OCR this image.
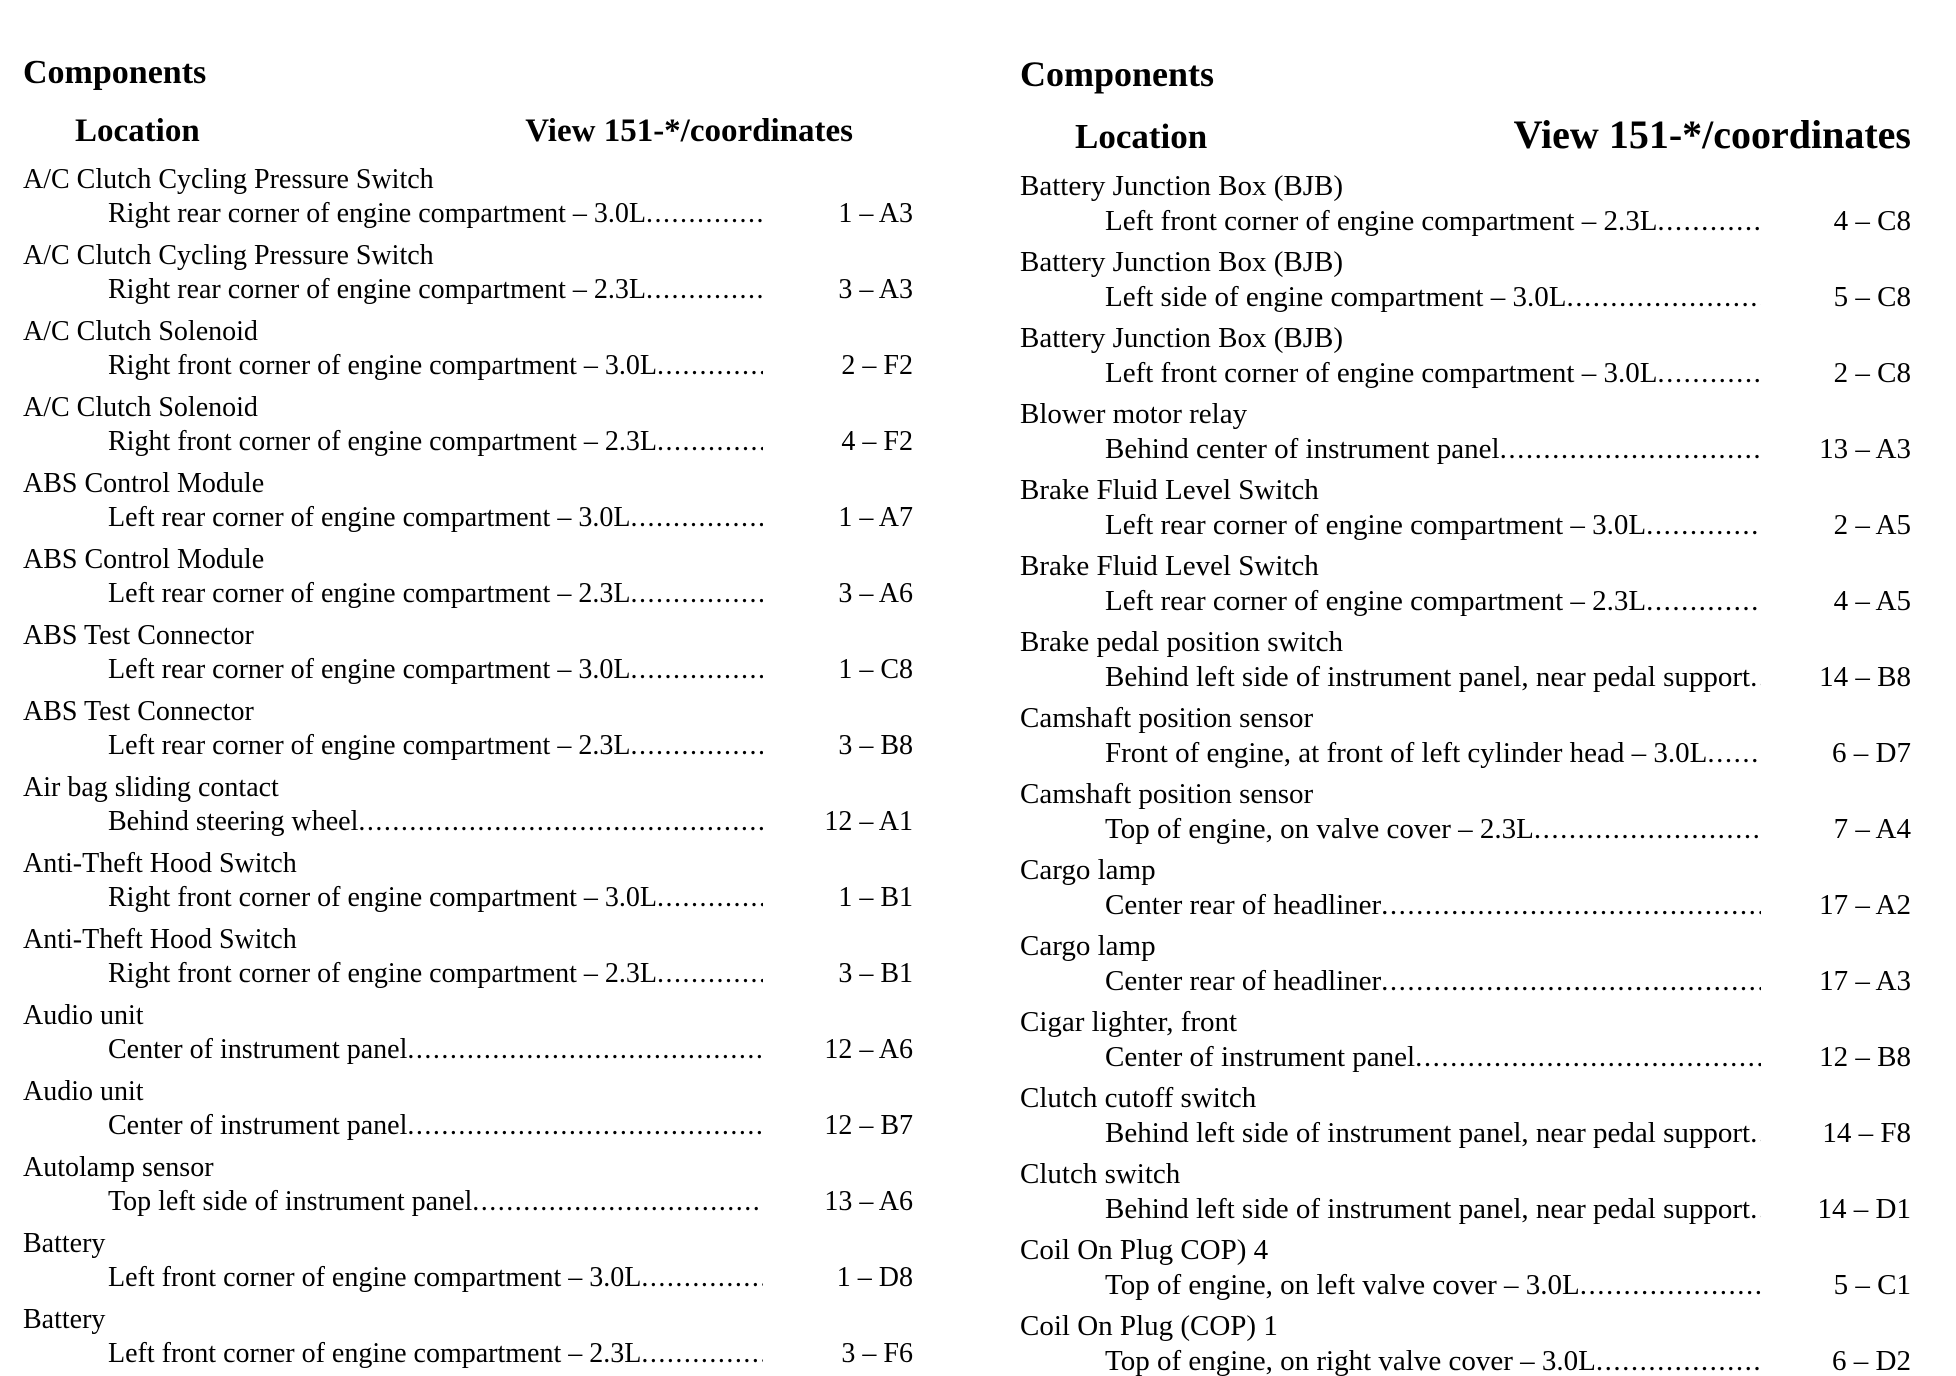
Components
Location	View 151-*/coordinates
A/C Clutch Cycling Pressure Switch
Right rear corner of engine compartment – 3.0L .....	1 – A3
A/C Clutch Cycling Pressure Switch
Right rear corner of engine compartment – 2.3L .....	3 – A3
A/C Clutch Solenoid
Right front corner of engine compartment – 3.0L .....	2 – F2
A/C Clutch Solenoid
Right front corner of engine compartment – 2.3L .....	4 – F2
ABS Control Module
Left rear corner of engine compartment – 3.0L .....	1 – A7
ABS Control Module
Left rear corner of engine compartment – 2.3L .....	3 – A6
ABS Test Connector
Left rear corner of engine compartment – 3.0L .....	1 – C8
ABS Test Connector
Left rear corner of engine compartment – 2.3L .....	3 – B8
Air bag sliding contact
Behind steering wheel .....	12 – A1
Anti-Theft Hood Switch
Right front corner of engine compartment – 3.0L .....	1 – B1
Anti-Theft Hood Switch
Right front corner of engine compartment – 2.3L .....	3 – B1
Audio unit
Center of instrument panel .....	12 – A6
Audio unit
Center of instrument panel .....	12 – B7
Autolamp sensor
Top left side of instrument panel .....	13 – A6
Battery
Left front corner of engine compartment – 3.0L .....	1 – D8
Battery
Left front corner of engine compartment – 2.3L .....	3 – F6
Components
Location	View 151-*/coordinates
Battery Junction Box (BJB)
Left front corner of engine compartment – 2.3L .....	4 – C8
Battery Junction Box (BJB)
Left side of engine compartment – 3.0L .....	5 – C8
Battery Junction Box (BJB)
Left front corner of engine compartment – 3.0L .....	2 – C8
Blower motor relay
Behind center of instrument panel .....	13 – A3
Brake Fluid Level Switch
Left rear corner of engine compartment – 3.0L .....	2 – A5
Brake Fluid Level Switch
Left rear corner of engine compartment – 2.3L .....	4 – A5
Brake pedal position switch
Behind left side of instrument panel, near pedal support .....	14 – B8
Camshaft position sensor
Front of engine, at front of left cylinder head – 3.0L .....	6 – D7
Camshaft position sensor
Top of engine, on valve cover – 2.3L .....	7 – A4
Cargo lamp
Center rear of headliner .....	17 – A2
Cargo lamp
Center rear of headliner .....	17 – A3
Cigar lighter, front
Center of instrument panel .....	12 – B8
Clutch cutoff switch
Behind left side of instrument panel, near pedal support .....	14 – F8
Clutch switch
Behind left side of instrument panel, near pedal support .....	14 – D1
Coil On Plug COP) 4
Top of engine, on left valve cover – 3.0L .....	5 – C1
Coil On Plug (COP) 1
Top of engine, on right valve cover – 3.0L .....	6 – D2
